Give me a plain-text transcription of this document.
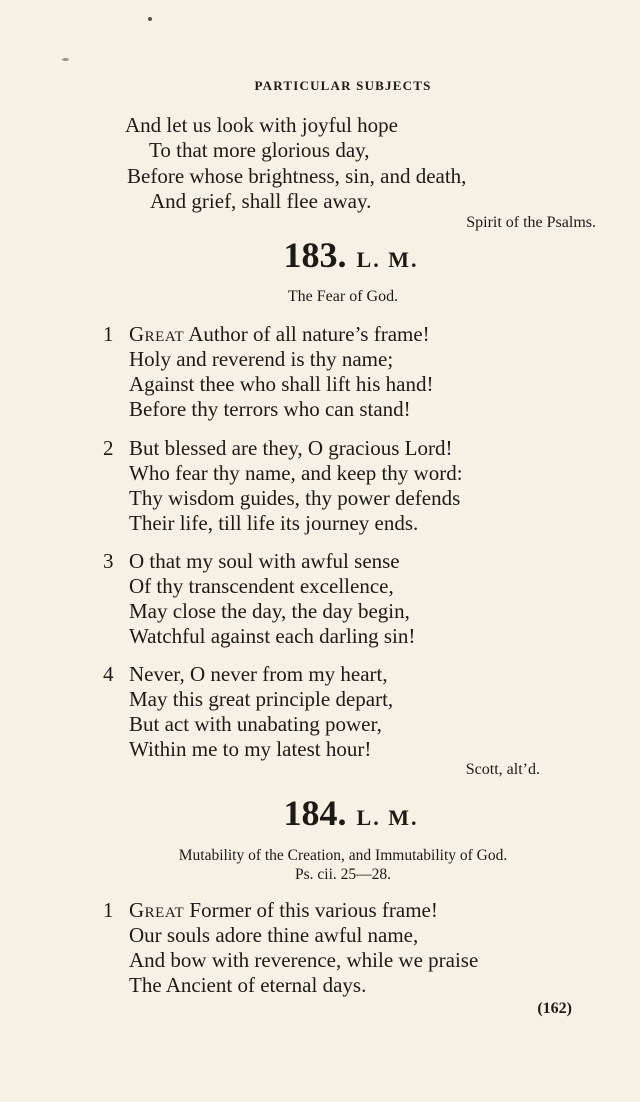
PARTICULAR SUBJECTS
And let us look with joyful hope
To that more glorious day,
Before whose brightness, sin, and death,
And grief, shall flee away.
Spirit of the Psalms.
183. L. M.
The Fear of God.
1 Great Author of all nature’s frame!
Holy and reverend is thy name;
Against thee who shall lift his hand!
Before thy terrors who can stand!
2 But blessed are they, O gracious Lord!
Who fear thy name, and keep thy word:
Thy wisdom guides, thy power defends
Their life, till life its journey ends.
3 O that my soul with awful sense
Of thy transcendent excellence,
May close the day, the day begin,
Watchful against each darling sin!
4 Never, O never from my heart,
May this great principle depart,
But act with unabating power,
Within me to my latest hour!
Scott, alt’d.
184. L. M.
Mutability of the Creation, and Immutability of God.
Ps. cii. 25—28.
1 Great Former of this various frame!
Our souls adore thine awful name,
And bow with reverence, while we praise
The Ancient of eternal days.
(162)
